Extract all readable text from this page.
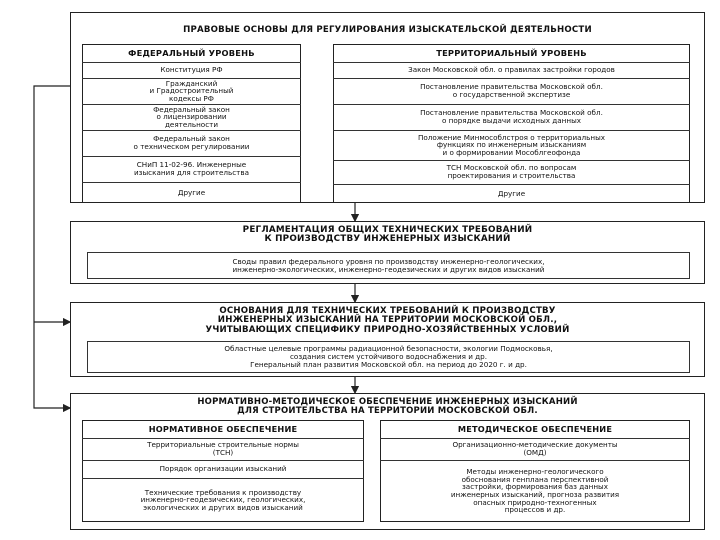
ПРАВОВЫЕ ОСНОВЫ ДЛЯ РЕГУЛИРОВАНИЯ ИЗЫСКАТЕЛЬСКОЙ ДЕЯТЕЛЬНОСТИ
ФЕДЕРАЛЬНЫЙ УРОВЕНЬ
Конституция РФ
Гражданский
и Градостроительный
кодексы РФ
Федеральный закон
о лицензировании
деятельности
Федеральный закон
о техническом регулировании
СНиП 11-02-96. Инженерные
изыскания для строительства
Другие
ТЕРРИТОРИАЛЬНЫЙ УРОВЕНЬ
Закон Московской обл. о правилах застройки городов
Постановление правительства Московской обл.
о государственной экспертизе
Постановление правительства Московской обл.
о порядке выдачи исходных данных
Положение Минмособлстроя о территориальных
функциях по инженерным изысканиям
и о формировании Мособлгеофонда
ТСН Московской обл. по вопросам
проектирования и строительства
Другие
РЕГЛАМЕНТАЦИЯ ОБЩИХ ТЕХНИЧЕСКИХ ТРЕБОВАНИЙ
К ПРОИЗВОДСТВУ ИНЖЕНЕРНЫХ ИЗЫСКАНИЙ
Своды правил федерального уровня по производству инженерно-геологических,
инженерно-экологических, инженерно-геодезических и других видов изысканий
ОСНОВАНИЯ ДЛЯ ТЕХНИЧЕСКИХ ТРЕБОВАНИЙ К ПРОИЗВОДСТВУ
ИНЖЕНЕРНЫХ ИЗЫСКАНИЙ НА ТЕРРИТОРИИ МОСКОВСКОЙ ОБЛ.,
УЧИТЫВАЮЩИХ СПЕЦИФИКУ ПРИРОДНО-ХОЗЯЙСТВЕННЫХ УСЛОВИЙ
Областные целевые программы радиационной безопасности, экологии Подмосковья,
создания систем устойчивого водоснабжения и др.
Генеральный план развития Московской обл. на период до 2020 г. и др.
НОРМАТИВНО-МЕТОДИЧЕСКОЕ ОБЕСПЕЧЕНИЕ ИНЖЕНЕРНЫХ ИЗЫСКАНИЙ
ДЛЯ СТРОИТЕЛЬСТВА НА ТЕРРИТОРИИ МОСКОВСКОЙ ОБЛ.
НОРМАТИВНОЕ ОБЕСПЕЧЕНИЕ
Территориальные строительные нормы
(ТСН)
Порядок организации изысканий
Технические требования к производству
инженерно-геодезических, геологических,
экологических и других видов изысканий
МЕТОДИЧЕСКОЕ ОБЕСПЕЧЕНИЕ
Организационно-методические документы
(ОМД)
Методы инженерно-геологического
обоснования генплана перспективной
застройки, формирования баз данных
инженерных изысканий, прогноза развития
опасных природно-техногенных
процессов и др.
